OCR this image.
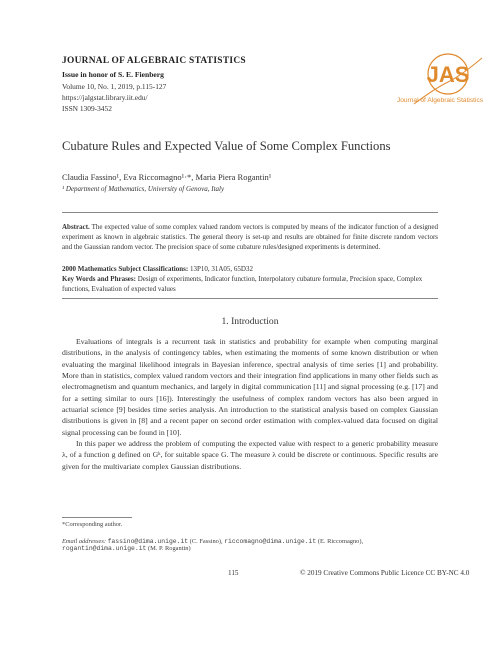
JOURNAL OF ALGEBRAIC STATISTICS
Issue in honor of S. E. Fienberg
Volume 10, No. 1, 2019, p.115-127
https://jalgstat.library.iit.edu/
ISSN 1309-3452
JAS
Journal of Algebraic Statistics
Cubature Rules and Expected Value of Some Complex Functions
Claudia Fassino¹, Eva Riccomagno¹·*, Maria Piera Rogantin¹
¹ Department of Mathematics, University of Genova, Italy
Abstract. The expected value of some complex valued random vectors is computed by means of the indicator function of a designed experiment as known in algebraic statistics. The general theory is set-up and results are obtained for finite discrete random vectors and the Gaussian random vector. The precision space of some cubature rules/designed experiments is determined.
2000 Mathematics Subject Classifications: 13P10, 31A05, 65D32
Key Words and Phrases: Design of experiments, Indicator function, Interpolatory cubature formulæ, Precision space, Complex functions, Evaluation of expected values
1. Introduction

Evaluations of integrals is a recurrent task in statistics and probability for example when computing marginal distributions, in the analysis of contingency tables, when estimating the moments of some known distribution or when evaluating the marginal likelihood integrals in Bayesian inference, spectral analysis of time series [1] and probability. More than in statistics, complex valued random vectors and their integration find applications in many other fields such as electromagnetism and quantum mechanics, and largely in digital communication [11] and signal processing (e.g. [17] and for a setting similar to ours [16]). Interestingly the usefulness of complex random vectors has also been argued in actuarial science [9] besides time series analysis. An introduction to the statistical analysis based on complex Gaussian distributions is given in [8] and a recent paper on second order estimation with complex-valued data focused on digital signal processing can be found in [10].

In this paper we address the problem of computing the expected value with respect to a generic probability measure λ, of a function g defined on Gᵏ, for suitable space G. The measure λ could be discrete or continuous. Specific results are given for the multivariate complex Gaussian distributions.

*Corresponding author.
Email addresses: fassino@dima.unige.it (C. Fassino), riccomagno@dima.unige.it (E. Riccomagno),
rogantin@dima.unige.it (M. P. Rogantin)
115	© 2019 Creative Commons Public Licence CC BY-NC 4.0
